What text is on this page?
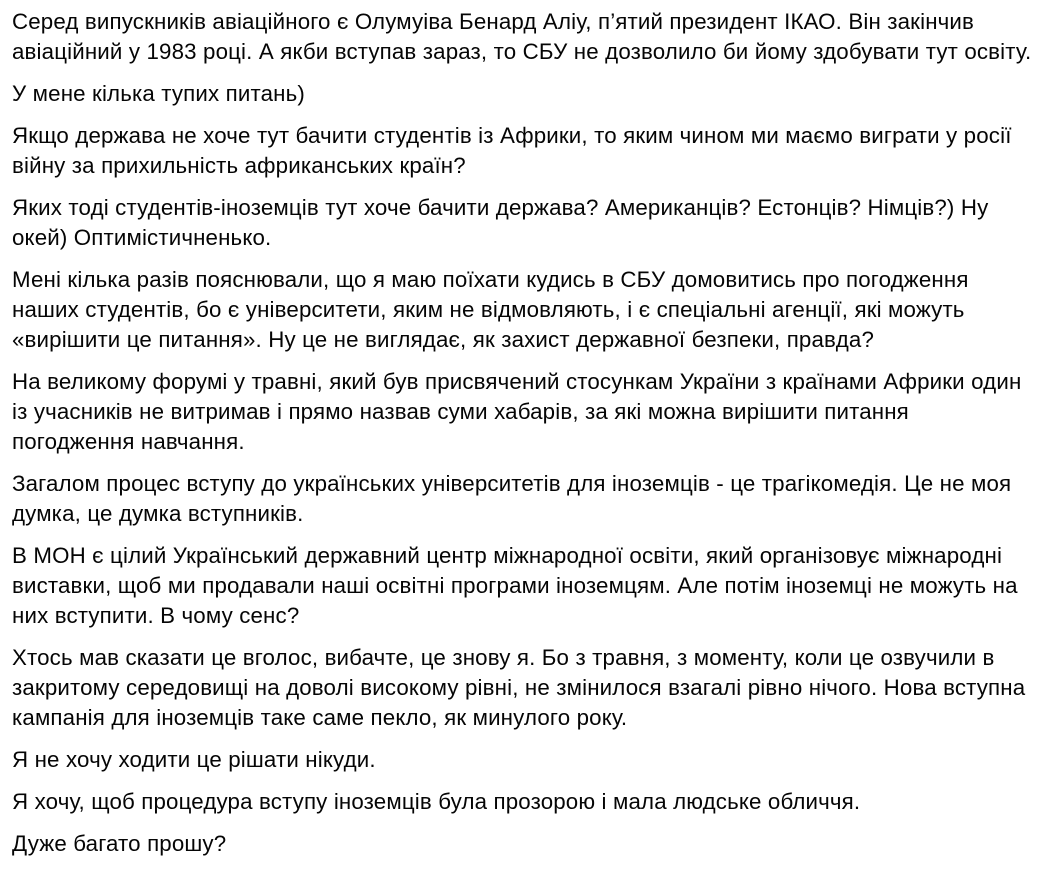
Серед випускників авіаційного є Олумуіва Бенард Аліу, п’ятий президент ІКАО. Він закінчив авіаційний у 1983 році. А якби вступав зараз, то СБУ не дозволило би йому здобувати тут освіту.

У мене кілька тупих питань)

Якщо держава не хоче тут бачити студентів із Африки, то яким чином ми маємо виграти у росії війну за прихильність африканських країн?

Яких тоді студентів-іноземців тут хоче бачити держава? Американців? Естонців? Німців?) Ну окей) Оптимістичненько.

Мені кілька разів пояснювали, що я маю поїхати кудись в СБУ домовитись про погодження наших студентів, бо є університети, яким не відмовляють, і є спеціальні агенції, які можуть «вирішити це питання». Ну це не виглядає, як захист державної безпеки, правда?

На великому форумі у травні, який був присвячений стосункам України з країнами Африки один із учасників не витримав і прямо назвав суми хабарів, за які можна вирішити питання погодження навчання.

Загалом процес вступу до українських університетів для іноземців - це трагікомедія. Це не моя думка, це думка вступників.

В МОН є цілий Український державний центр міжнародної освіти, який організовує міжнародні виставки, щоб ми продавали наші освітні програми іноземцям. Але потім іноземці не можуть на них вступити. В чому сенс?

Хтось мав сказати це вголос, вибачте, це знову я. Бо з травня, з моменту, коли це озвучили в закритому середовищі на доволі високому рівні, не змінилося взагалі рівно нічого. Нова вступна кампанія для іноземців таке саме пекло, як минулого року.

Я не хочу ходити це рішати нікуди.

Я хочу, щоб процедура вступу іноземців була прозорою і мала людське обличчя.

Дуже багато прошу?
